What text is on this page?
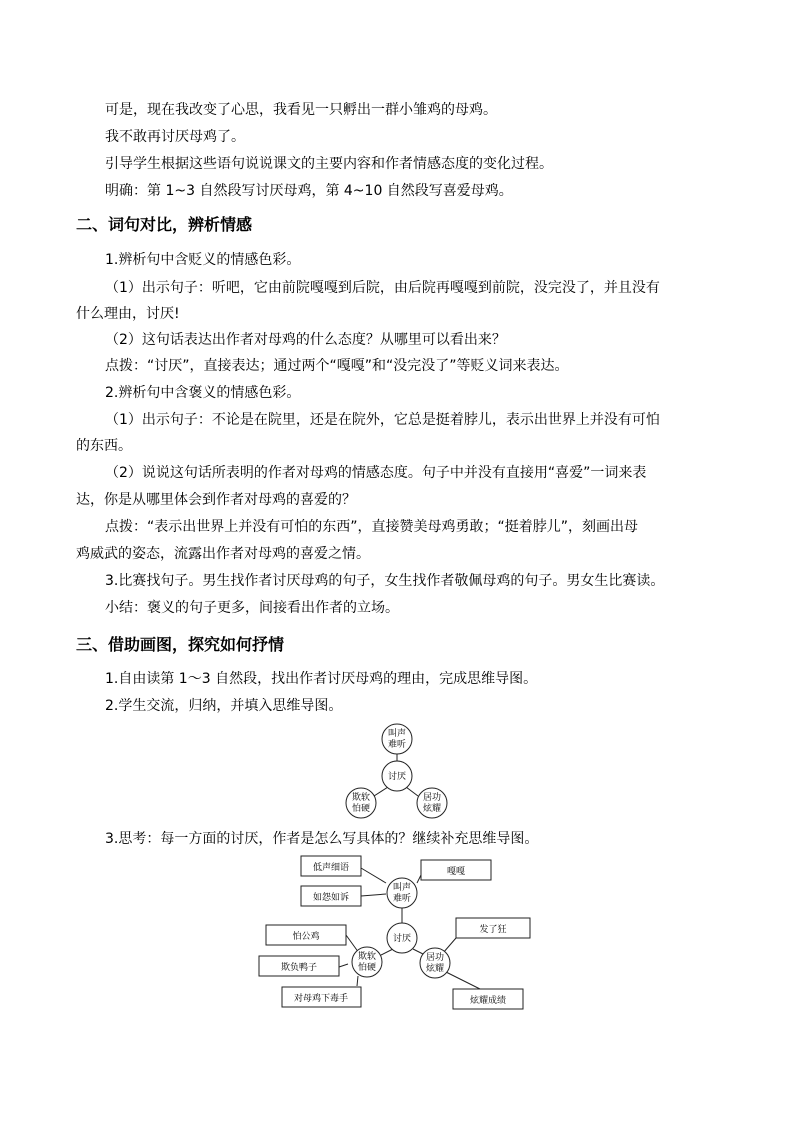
可是，现在我改变了心思，我看见一只孵出一群小雏鸡的母鸡。
我不敢再讨厌母鸡了。
引导学生根据这些语句说说课文的主要内容和作者情感态度的变化过程。
明确：第 1~3 自然段写讨厌母鸡，第 4~10 自然段写喜爱母鸡。
二、词句对比，辨析情感
1.辨析句中含贬义的情感色彩。
（1）出示句子：听吧，它由前院嘎嘎到后院，由后院再嘎嘎到前院，没完没了，并且没有
什么理由，讨厌!
（2）这句话表达出作者对母鸡的什么态度？从哪里可以看出来？
点拨：“讨厌”，直接表达；通过两个“嘎嘎”和“没完没了”等贬义词来表达。
2.辨析句中含褒义的情感色彩。
（1）出示句子：不论是在院里，还是在院外，它总是挺着脖儿，表示出世界上并没有可怕
的东西。
（2）说说这句话所表明的作者对母鸡的情感态度。句子中并没有直接用“喜爱”一词来表
达，你是从哪里体会到作者对母鸡的喜爱的？
点拨：“表示出世界上并没有可怕的东西”，直接赞美母鸡勇敢；“挺着脖儿”，刻画出母
鸡威武的姿态，流露出作者对母鸡的喜爱之情。
3.比赛找句子。男生找作者讨厌母鸡的句子，女生找作者敬佩母鸡的句子。男女生比赛读。
小结：褒义的句子更多，间接看出作者的立场。
三、借助画图，探究如何抒情
1.自由读第 1～3 自然段，找出作者讨厌母鸡的理由，完成思维导图。
2.学生交流，归纳，并填入思维导图。
叫声
难听
讨厌
欺软
怕硬
居功
炫耀
3.思考：每一方面的讨厌，作者是怎么写具体的？继续补充思维导图。
叫声
难听
讨厌
欺软
怕硬
居功
炫耀
低声细语
如怨如诉
嘎嘎
怕公鸡
欺负鸭子
对母鸡下毒手
发了狂
炫耀成绩
